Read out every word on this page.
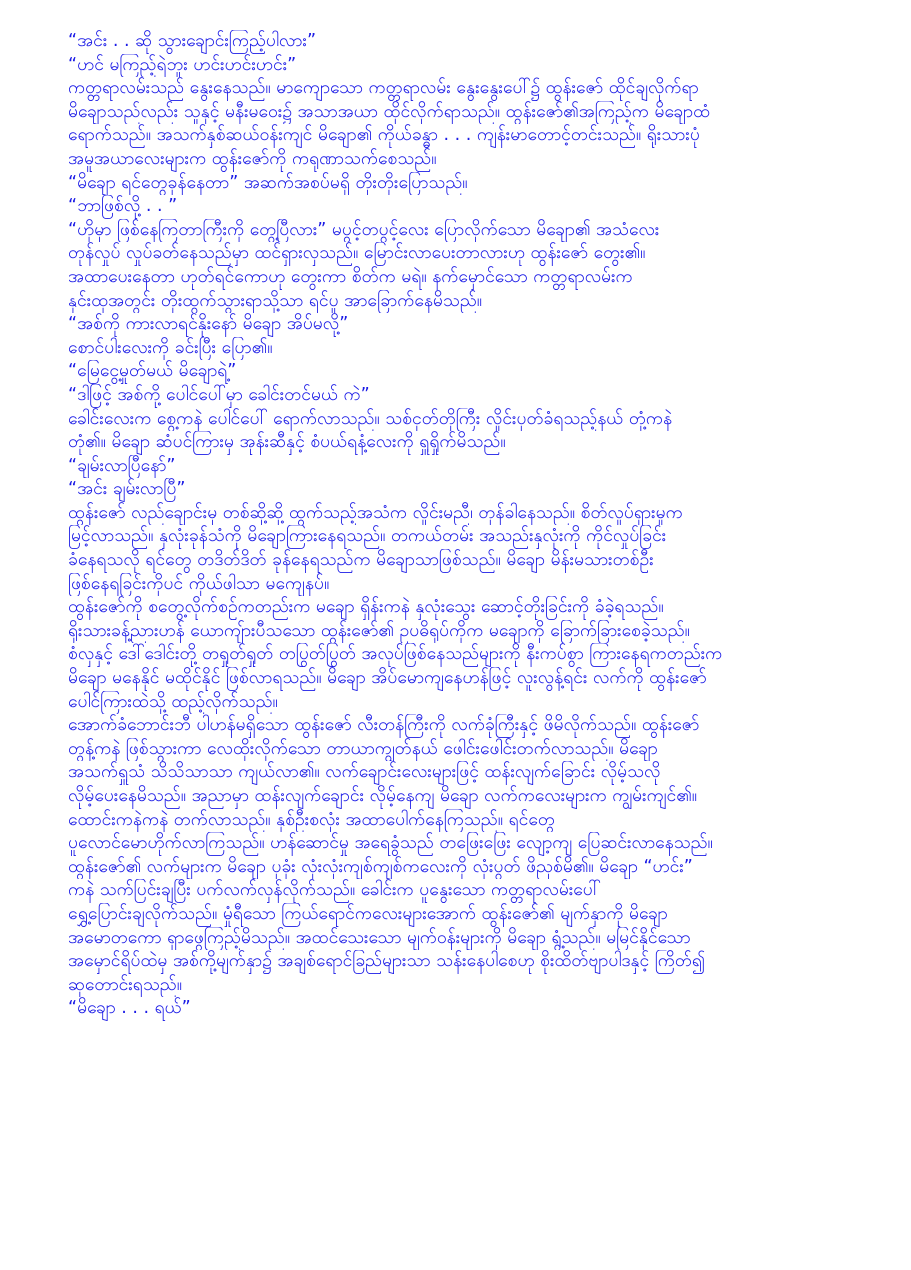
“အင်း . . ဆို သွားချောင်းကြည့်ပါလား”
“ဟင် မကြည့်ရဲဘူး ဟင်းဟင်းဟင်း”
ကတ္တရာလမ်းသည် နွေးနေသည်။ မာကျောသော ကတ္တရာလမ်း နွေးနွေးပေါ်၌ ထွန်းဇော် ထိုင်ချလိုက်ရာ
မိချောသည်လည်း သူနှင့် မနီးမဝေး၌ အသာအယာ ထိုင်လိုက်ရာသည်။ ထွန်းဇော်၏အကြည့်က မိချောထံ
ရောက်သည်။ အသက်နှစ်ဆယ်ဝန်းကျင် မိချော၏ ကိုယ်ခန္ဓာ . . . ကျန်းမာတောင့်တင်းသည်။ ရိုးသားပုံ
အမူအယာလေးများက ထွန်းဇော်ကို ကရုဏာသက်စေသည်။
“မိချော ရင်တွေခုန်နေတာ” အဆက်အစပ်မရှိ တိုးတိုးပြောသည်။
“ဘာဖြစ်လို့ . . ”
“ဟိုမှာ ဖြစ်နေကြတာကြီးကို တွေ့ပြီလား” မပွင့်တပွင့်လေး ပြောလိုက်သော မိချော၏ အသံလေး
တုန်လှုပ် လှုပ်ခတ်နေသည်မှာ ထင်ရှားလှသည်။ မြောင်းလာပေးတာလားဟု ထွန်းဇော် တွေး၏။
အထာပေးနေတာ ဟုတ်ရင်ကောဟု တွေးကာ စိတ်က မရဲ။ နက်မှောင်သော ကတ္တရာလမ်းက
နှင်းထုအတွင်း တိုးထွက်သွားရာသို့သာ ရင်ပူ အာခြောက်နေမိသည်။
“အစ်ကို ကားလာရင်နိုးနော် မိချော အိပ်မလို့”
စောင်ပါးလေးကို ခင်းပြီး ပြော၏။
“မြေငွေ့မှုတ်မယ် မိချောရဲ့”
“ဒါဖြင့် အစ်ကို့ ပေါင်ပေါ်မှာ ခေါင်းတင်မယ် ကဲ”
ခေါင်းလေးက စွေ့ကနဲ ပေါင်ပေါ် ရောက်လာသည်။ သစ်ငုတ်တိုကြီး လှိုင်းပုတ်ခံရသည့်နယ် တုံ့ကနဲ
တုံ၏။ မိချော ဆံပင်ကြားမှ အုန်းဆီနှင့် စံပယ်ရနံ့လေးကို ရှူရှိုက်မိသည်။
“ချမ်းလာပြီနော်”
“အင်း ချမ်းလာပြီ”
ထွန်းဇော် လည်ချောင်းမှ တစ်ဆို့ဆို့ ထွက်သည့်အသံက လှိုင်းမညီ၊ တုန်ခါနေသည်။ စိတ်လှုပ်ရှားမှုက
မြင့်လာသည်။ နှလုံးခုန်သံကို မိချောကြားနေရသည်။ တကယ်တမ်း အသည်းနှလုံးကို ကိုင်လှုပ်ခြင်း
ခံနေရသလို ရင်တွေ တဒိတ်ဒိတ် ခုန်နေရသည်က မိချောသာဖြစ်သည်။ မိချော မိန်းမသားတစ်ဦး
ဖြစ်နေရခြင်းကိုပင် ကိုယ်ဖါသာ မကျေနပ်။
ထွန်းဇော်ကို စတွေ့လိုက်စဉ်ကတည်းက မချော ရှိန်းကနဲ နှလုံးသွေး ဆောင့်တိုးခြင်းကို ခံခဲ့ရသည်။
ရိုးသားခန့်ညားဟန် ယောကျ်ားပီသသော ထွန်းဇော်၏ ဥပဓိရုပ်ကိုက မချောကို ခြောက်ခြားစေခဲ့သည်။
စံလှနှင့် ဒေါ်ဒေါင်းတို့ တရှုတ်ရှုတ် တပြွတ်ပြွတ် အလုပ်ဖြစ်နေသည်များကို နီးကပ်စွာ ကြားနေရကတည်းက
မိချော မနေနိုင် မထိုင်နိုင် ဖြစ်လာရသည်။ မိချော အိပ်မောကျနေဟန်ဖြင့် လူးလွန့်ရင်း လက်ကို ထွန်းဇော်
ပေါင်ကြားထဲသို့ ထည့်လိုက်သည်။
အောက်ခံဘောင်းဘီ ပါဟန်မရှိသော ထွန်းဇော် လီးတန်ကြီးကို လက်ခုံကြီးနှင့် ဖိမိလိုက်သည်။ ထွန်းဇော်
တွန့်ကနဲ ဖြစ်သွားကာ လေထိုးလိုက်သော တာယာကျွတ်နယ် ဖေါင်းဖေါင်းတက်လာသည်။ မိချော
အသက်ရှူသံ သိသိသာသာ ကျယ်လာ၏။ လက်ချောင်းလေးများဖြင့် ထန်းလျက်ခြောင်း လိုမ့်သလို
လိုမ့်ပေးနေမိသည်။ အညာမှာ ထန်းလျက်ချောင်း လိုမ့်နေကျ မိချော လက်ကလေးများက ကျွမ်းကျင်၏။
ထောင်းကနဲကနဲ တက်လာသည်။ နှစ်ဦးစလုံး အထာပေါက်နေကြသည်။ ရင်တွေ
ပူလောင်မောဟိုက်လာကြသည်။ ဟန်ဆောင်မှု အရေခွံသည် တဖြေးဖြေး လျော့ကျ ပြေဆင်းလာနေသည်။
ထွန်းဇော်၏ လက်များက မိချော ပုခုံး လုံးလုံးကျစ်ကျစ်ကလေးကို လုံးပွတ် ဖိညှစ်မိ၏။ မိချော “ဟင်း”
ကနဲ သက်ပြင်းချပြီး ပက်လက်လှန်လိုက်သည်။ ခေါင်းက ပူနွေးသော ကတ္တရာလမ်းပေါ်
ရွှေ့ပြောင်းချလိုက်သည်။ မှုံရီသော ကြယ်ရောင်ကလေးများအောက် ထွန်းဇော်၏ မျက်နှာကို မိချော
အမောတကော ရှာဖွေကြည့်မိသည်။ အထင်သေးသော မျက်ဝန်းများကို မိချော ရွံ့သည်။ မမြင်နိုင်သော
အမှောင်ရိပ်ထဲမှ အစ်ကို့မျက်နှာ၌ အချစ်ရောင်ခြည်များသာ သန်းနေပါစေဟု စိုးထိတ်ဗျာပါဒနှင့် ကြိတ်၍
ဆုတောင်းရသည်။
“မိချော . . . ရယ်”
